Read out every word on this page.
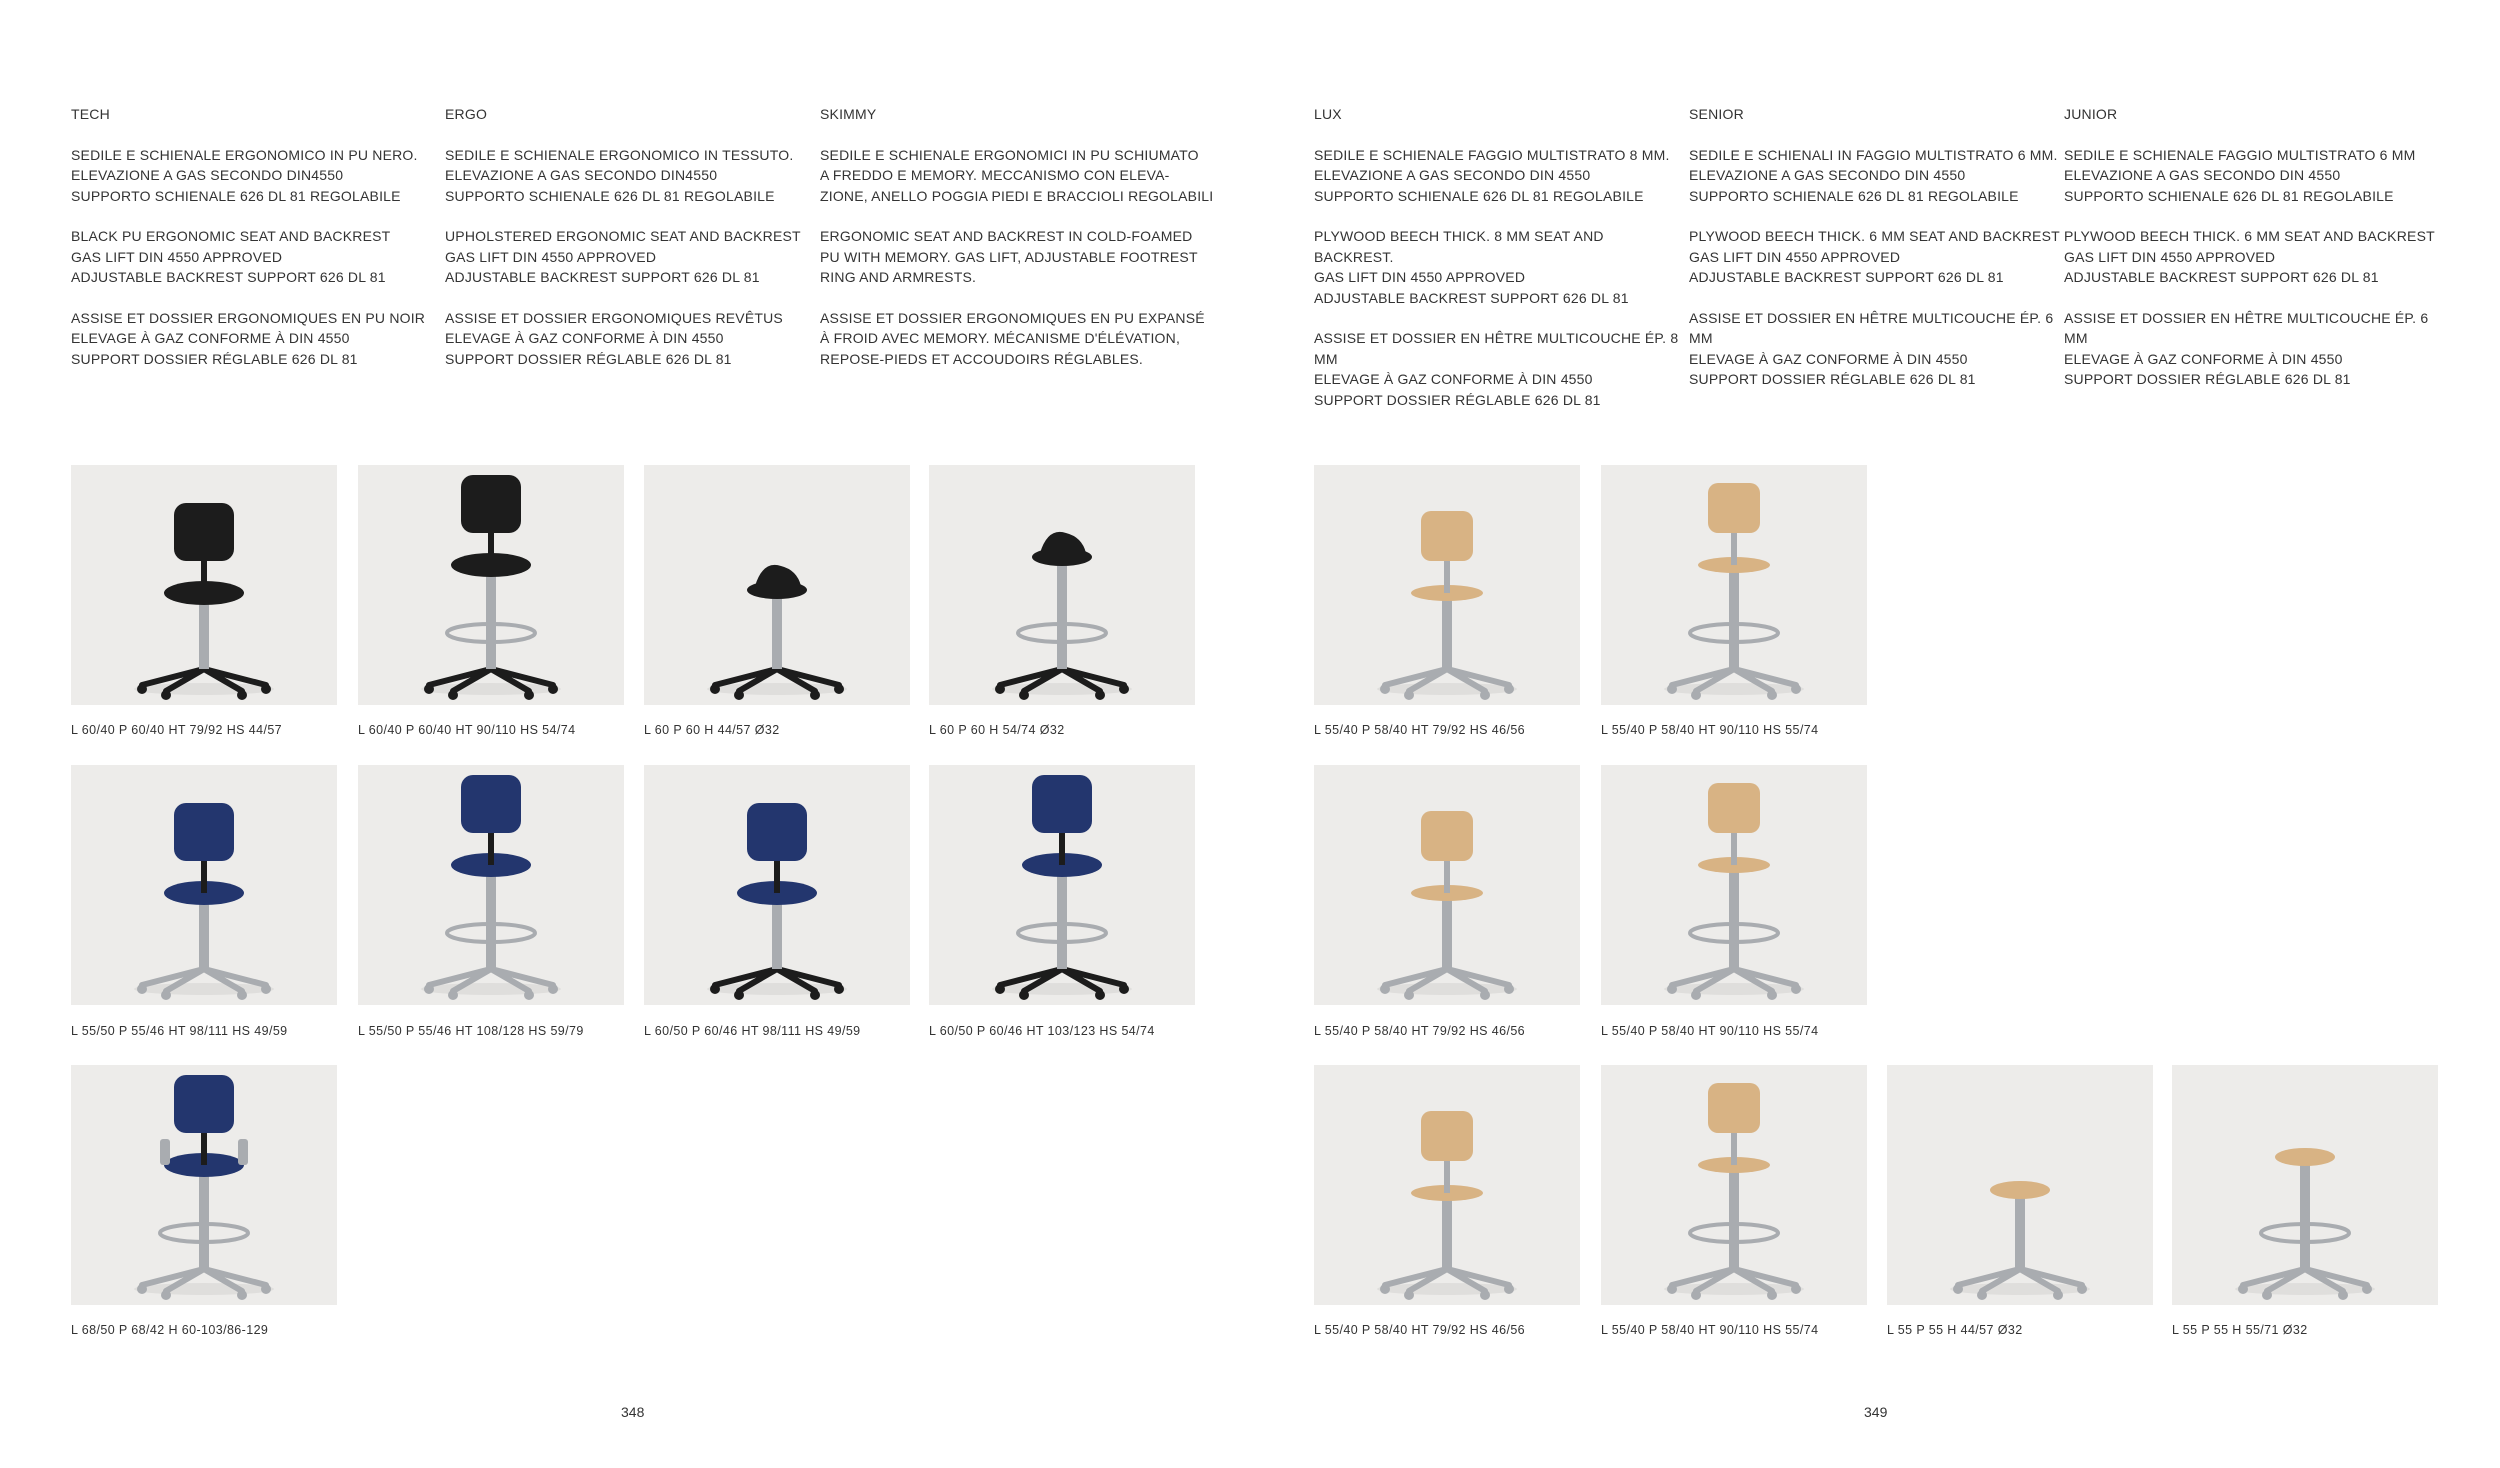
TECH
SEDILE E SCHIENALE ERGONOMICO IN PU NERO.
ELEVAZIONE A GAS SECONDO DIN4550
SUPPORTO SCHIENALE 626 DL 81 REGOLABILE
BLACK PU ERGONOMIC SEAT AND BACKREST
GAS LIFT DIN 4550 APPROVED
ADJUSTABLE BACKREST SUPPORT 626 DL 81
ASSISE ET DOSSIER ERGONOMIQUES EN PU NOIR
ELEVAGE À GAZ CONFORME À DIN 4550
SUPPORT DOSSIER RÉGLABLE 626 DL 81
ERGO
SEDILE E SCHIENALE ERGONOMICO IN TESSUTO.
ELEVAZIONE A GAS SECONDO DIN4550
SUPPORTO SCHIENALE 626 DL 81 REGOLABILE
UPHOLSTERED ERGONOMIC SEAT AND BACKREST
GAS LIFT DIN 4550 APPROVED
ADJUSTABLE BACKREST SUPPORT 626 DL 81
ASSISE ET DOSSIER ERGONOMIQUES REVÊTUS
ELEVAGE À GAZ CONFORME À DIN 4550
SUPPORT DOSSIER RÉGLABLE 626 DL 81
SKIMMY
SEDILE E SCHIENALE ERGONOMICI IN PU SCHIUMATO
A FREDDO E MEMORY. MECCANISMO CON ELEVA-
ZIONE, ANELLO POGGIA PIEDI E BRACCIOLI REGOLABILI
ERGONOMIC SEAT AND BACKREST IN COLD-FOAMED
PU WITH MEMORY. GAS LIFT, ADJUSTABLE FOOTREST
RING AND ARMRESTS.
ASSISE ET DOSSIER ERGONOMIQUES EN PU EXPANSÉ
À FROID AVEC MEMORY. MÉCANISME D'ÉLÉVATION,
REPOSE-PIEDS ET ACCOUDOIRS RÉGLABLES.
LUX
SEDILE E SCHIENALE FAGGIO MULTISTRATO 8 MM.
ELEVAZIONE A GAS SECONDO DIN 4550
SUPPORTO SCHIENALE 626 DL 81 REGOLABILE
PLYWOOD BEECH THICK. 8 MM SEAT AND BACKREST.
GAS LIFT DIN 4550 APPROVED
ADJUSTABLE BACKREST SUPPORT 626 DL 81
ASSISE ET DOSSIER EN HÊTRE MULTICOUCHE ÉP. 8 MM
ELEVAGE À GAZ CONFORME À DIN 4550
SUPPORT DOSSIER RÉGLABLE 626 DL 81
SENIOR
SEDILE E SCHIENALI IN FAGGIO MULTISTRATO 6 MM.
ELEVAZIONE A GAS SECONDO DIN 4550
SUPPORTO SCHIENALE 626 DL 81 REGOLABILE
PLYWOOD BEECH THICK. 6 MM SEAT AND BACKREST
GAS LIFT DIN 4550 APPROVED
ADJUSTABLE BACKREST SUPPORT 626 DL 81
ASSISE ET DOSSIER EN HÊTRE MULTICOUCHE ÉP. 6 MM
ELEVAGE À GAZ CONFORME À DIN 4550
SUPPORT DOSSIER RÉGLABLE 626 DL 81
JUNIOR
SEDILE E SCHIENALE FAGGIO MULTISTRATO 6 MM
ELEVAZIONE A GAS SECONDO DIN 4550
SUPPORTO SCHIENALE 626 DL 81 REGOLABILE
PLYWOOD BEECH THICK. 6 MM SEAT AND BACKREST
GAS LIFT DIN 4550 APPROVED
ADJUSTABLE BACKREST SUPPORT 626 DL 81
ASSISE ET DOSSIER EN HÊTRE MULTICOUCHE ÉP. 6 MM
ELEVAGE À GAZ CONFORME À DIN 4550
SUPPORT DOSSIER RÉGLABLE 626 DL 81
L 60/40 P 60/40 HT 79/92 HS 44/57	L 60/40 P 60/40 HT 90/110 HS 54/74	L 60 P 60 H 44/57 Ø32	L 60 P 60 H 54/74 Ø32	L 55/40 P 58/40 HT 79/92 HS 46/56	L 55/40 P 58/40 HT 90/110 HS 55/74
L 55/50 P 55/46 HT 98/111 HS 49/59	L 55/50 P 55/46 HT 108/128 HS 59/79	L 60/50 P 60/46 HT 98/111 HS 49/59	L 60/50 P 60/46 HT 103/123 HS 54/74	L 55/40 P 58/40 HT 79/92 HS 46/56	L 55/40 P 58/40 HT 90/110 HS 55/74
L 68/50 P 68/42 H 60-103/86-129	L 55/40 P 58/40 HT 79/92 HS 46/56	L 55/40 P 58/40 HT 90/110 HS 55/74	L 55 P 55 H 44/57 Ø32	L 55 P 55 H 55/71 Ø32
348	349
